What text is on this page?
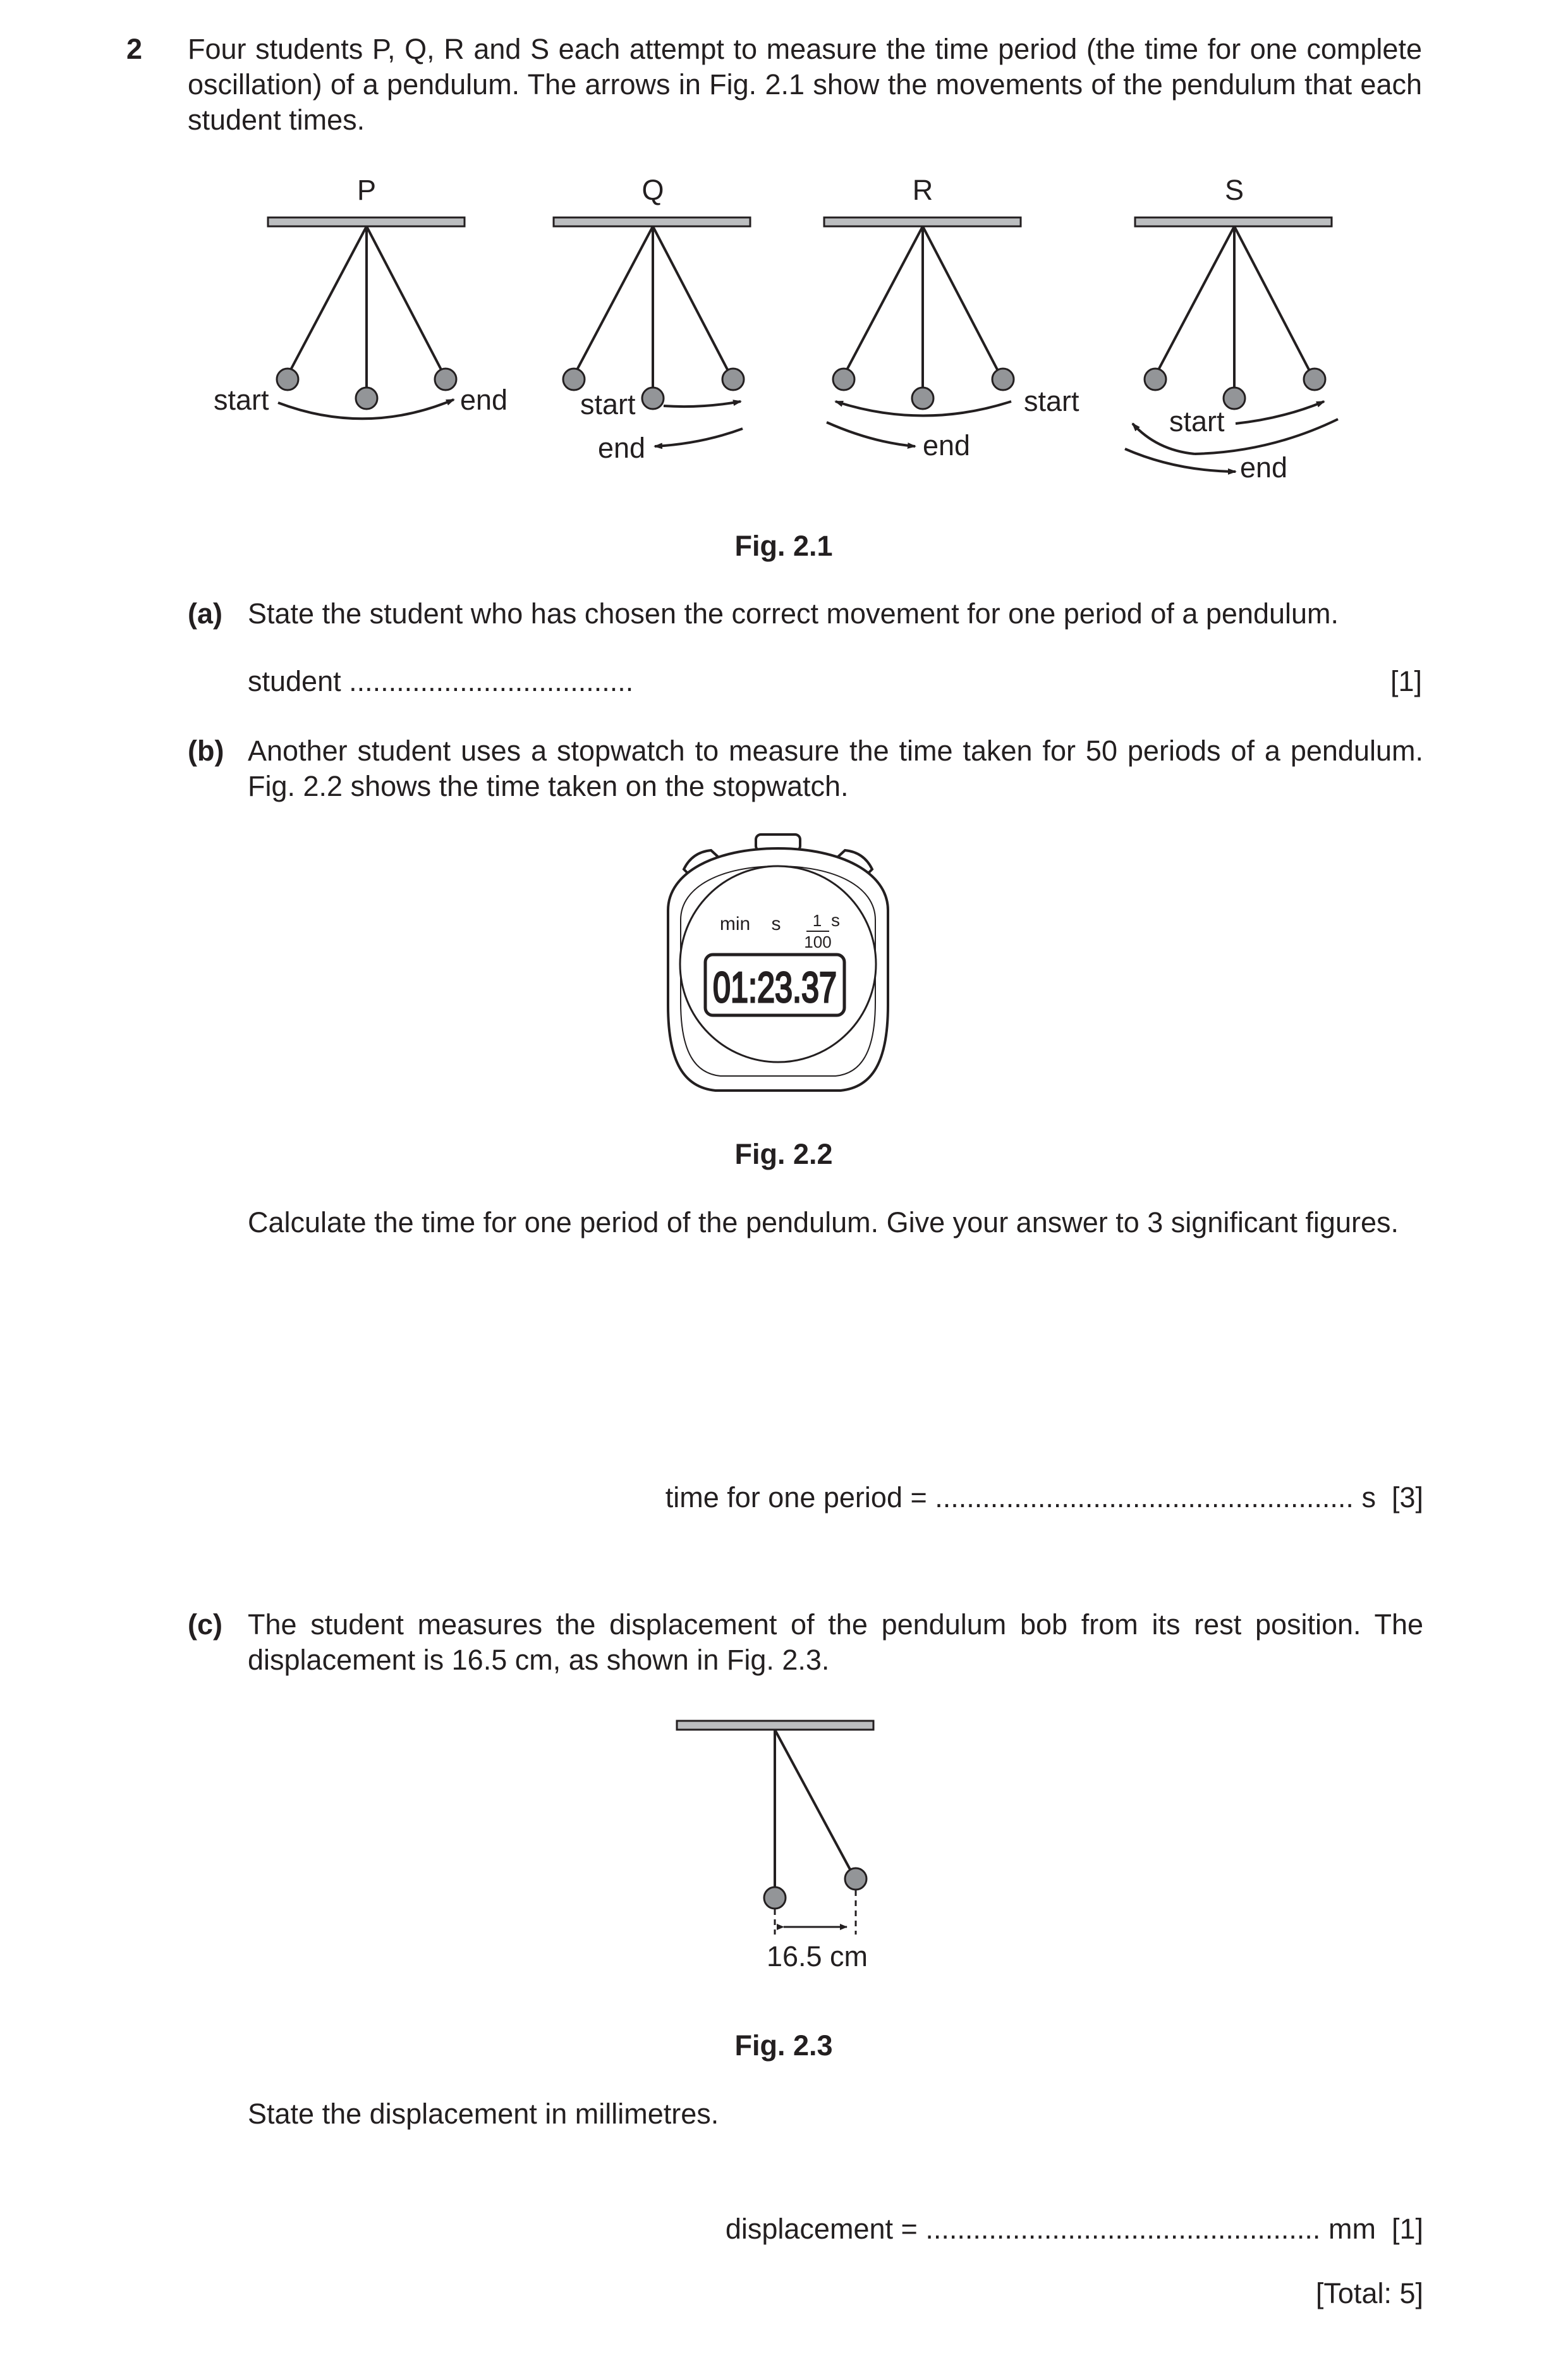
2 Four students P, Q, R and S each attempt to measure the time period (the time for one complete oscillation) of a pendulum. The arrows in Fig. 2.1 show the movements of the pendulum that each student times.

P
start	end
Q
start
end
R
start
end
S
start
end

Fig. 2.1

(a) State the student who has chosen the correct movement for one period of a pendulum.

student ....................................	[1]

(b) Another student uses a stopwatch to measure the time taken for 50 periods of a pendulum. Fig. 2.2 shows the time taken on the stopwatch.

min s 1 s
100
01:23.37

Fig. 2.2

Calculate the time for one period of the pendulum. Give your answer to 3 significant figures.

time for one period = ..................................................... s [3]

(c) The student measures the displacement of the pendulum bob from its rest position. The displacement is 16.5 cm, as shown in Fig. 2.3.

16.5 cm

Fig. 2.3

State the displacement in millimetres.

displacement = .................................................. mm [1]

[Total: 5]
